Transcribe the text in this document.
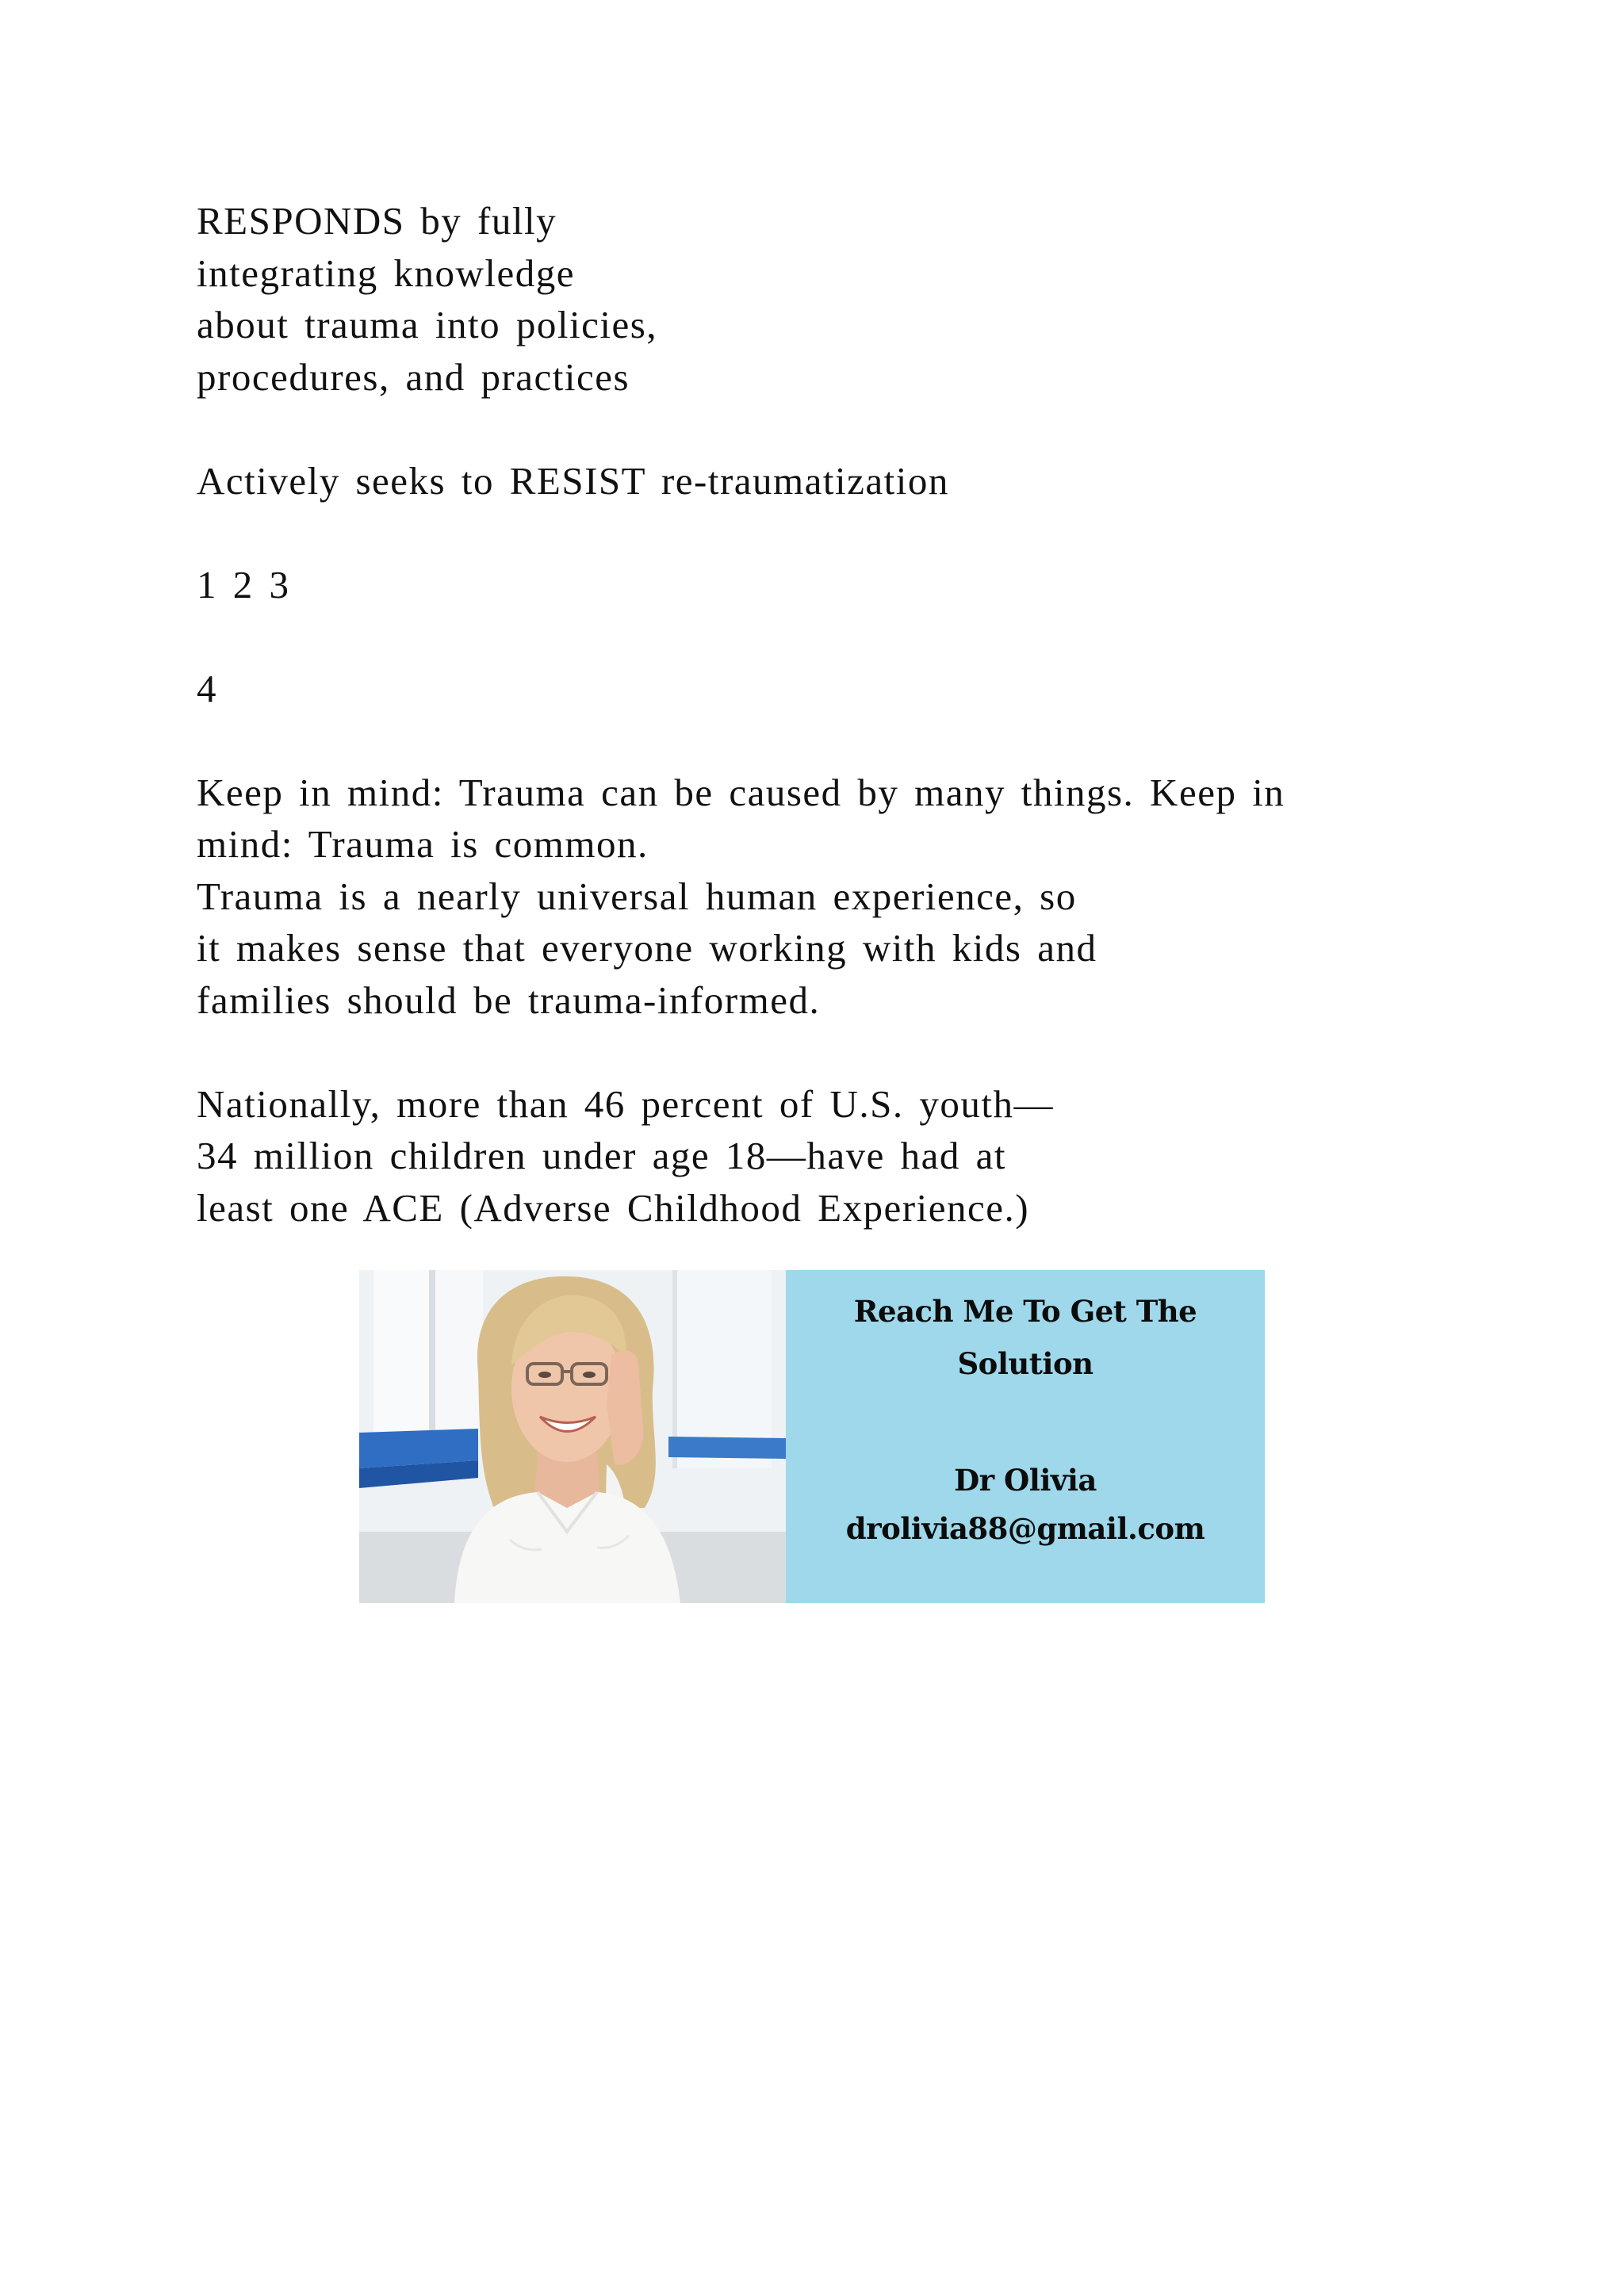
RESPONDS by fully
integrating knowledge
about trauma into policies,
procedures, and practices
Actively seeks to RESIST re-traumatization
1 2 3
4
Keep in mind: Trauma can be caused by many things. Keep in
mind: Trauma is common.
Trauma is a nearly universal human experience, so
it makes sense that everyone working with kids and
families should be trauma-informed.
Nationally, more than 46 percent of U.S. youth—
34 million children under age 18—have had at
least one ACE (Adverse Childhood Experience.)
Reach Me To Get The
Solution
Dr Olivia
drolivia88@gmail.com
